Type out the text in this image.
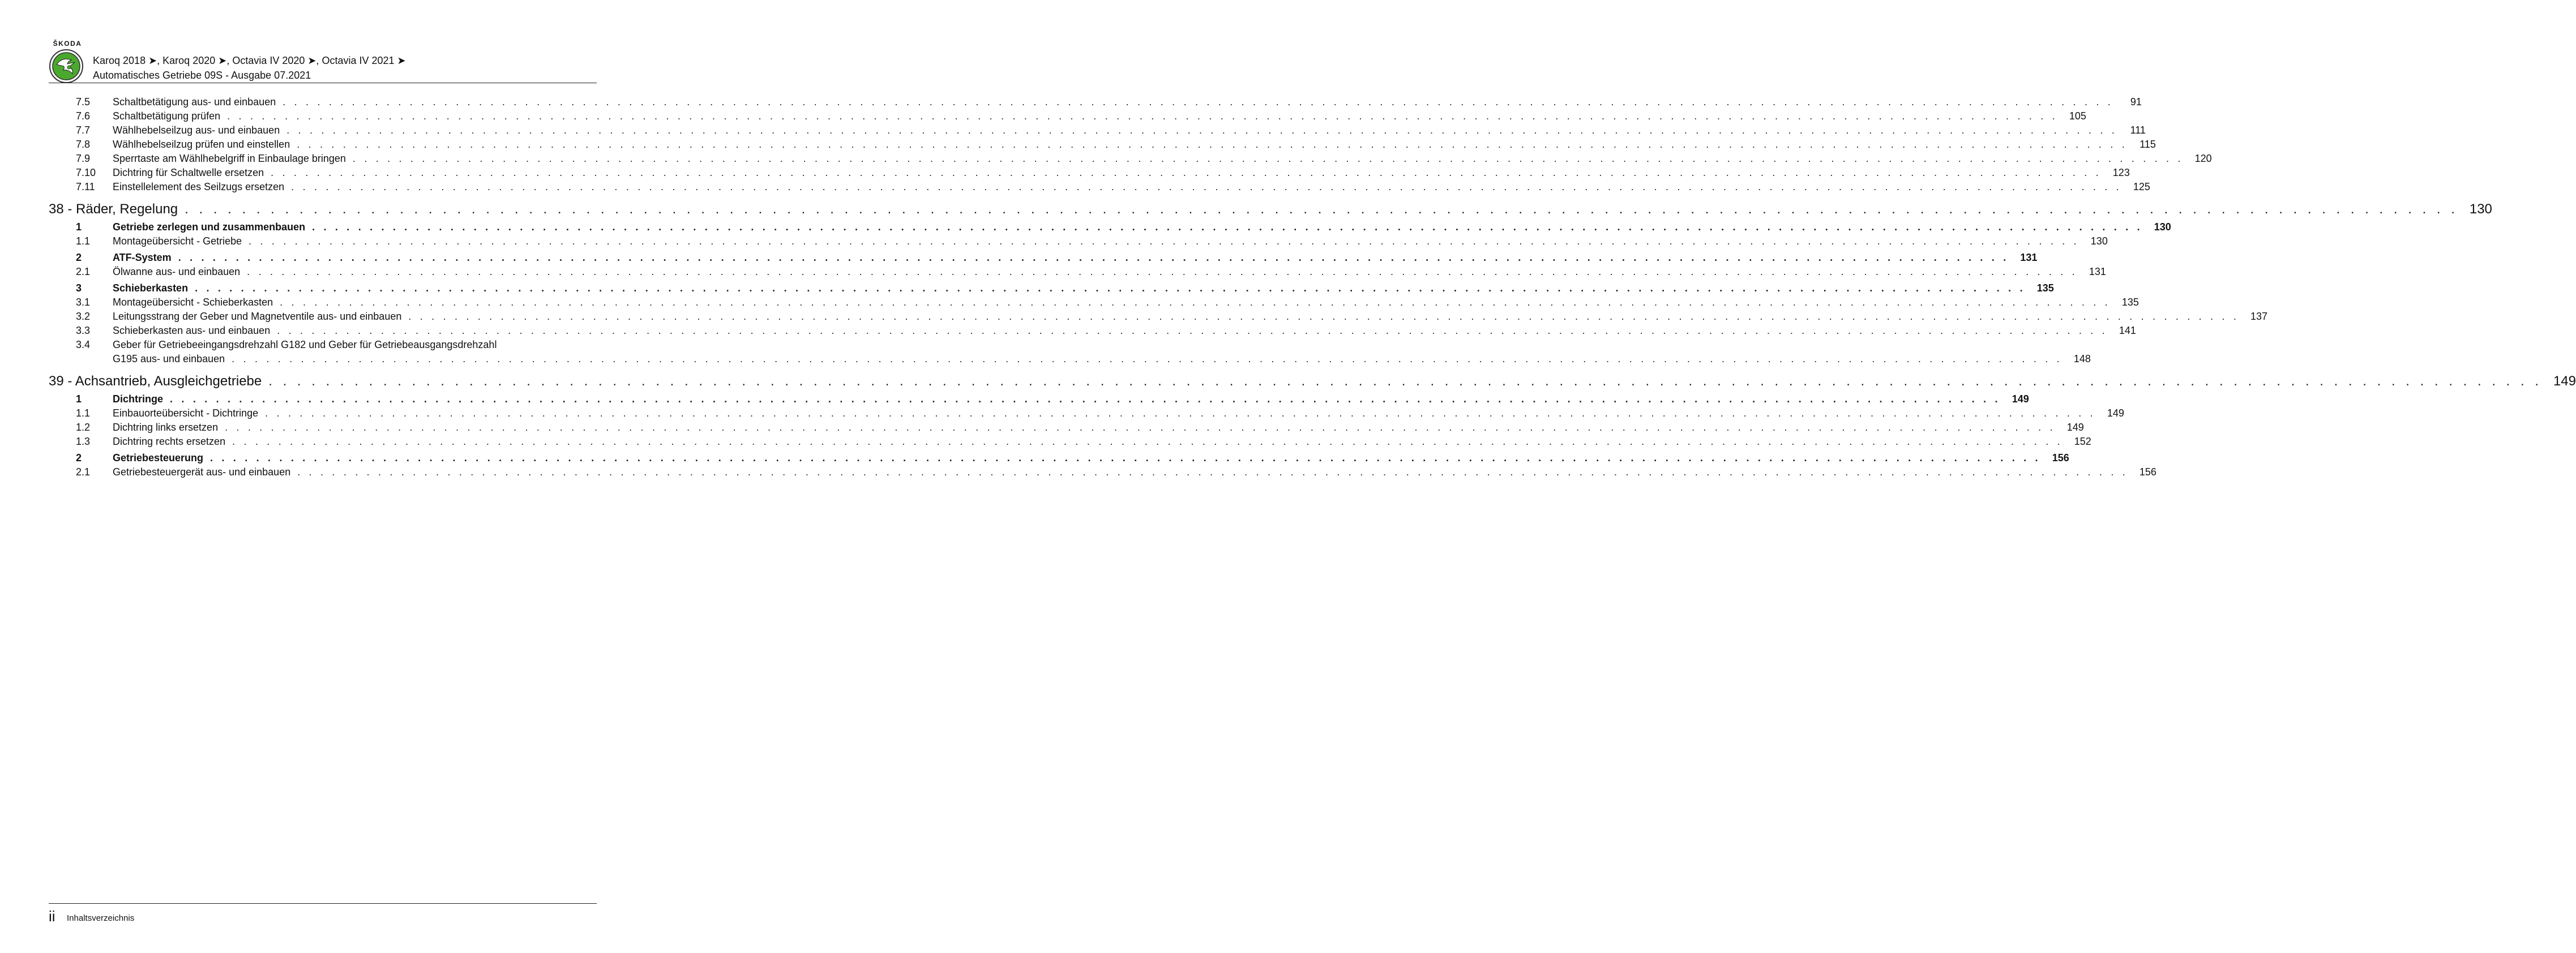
ŠKODA
Karoq 2018 ➤, Karoq 2020 ➤, Octavia IV 2020 ➤, Octavia IV 2021 ➤
Automatisches Getriebe 09S - Ausgabe 07.2021
7.5	Schaltbetätigung aus- und einbauen . . .	91
7.6	Schaltbetätigung prüfen . . .	105
7.7	Wählhebelseilzug aus- und einbauen . . .	111
7.8	Wählhebelseilzug prüfen und einstellen . . .	115
7.9	Sperrtaste am Wählhebelgriff in Einbaulage bringen . . .	120
7.10	Dichtring für Schaltwelle ersetzen . . .	123
7.11	Einstellelement des Seilzugs ersetzen . . .	125
38 - Räder, Regelung . . .	130
1	Getriebe zerlegen und zusammenbauen . . .	130
1.1	Montageübersicht - Getriebe . . .	130
2	ATF-System . . .	131
2.1	Ölwanne aus- und einbauen . . .	131
3	Schieberkasten . . .	135
3.1	Montageübersicht - Schieberkasten . . .	135
3.2	Leitungsstrang der Geber und Magnetventile aus- und einbauen . . .	137
3.3	Schieberkasten aus- und einbauen . . .	141
3.4	Geber für Getriebeeingangsdrehzahl G182 und Geber für Getriebeausgangsdrehzahl
G195 aus- und einbauen . . .	148
39 - Achsantrieb, Ausgleichgetriebe . . .	149
1	Dichtringe . . .	149
1.1	Einbauorteübersicht - Dichtringe . . .	149
1.2	Dichtring links ersetzen . . .	149
1.3	Dichtring rechts ersetzen . . .	152
2	Getriebesteuerung . . .	156
2.1	Getriebesteuergerät aus- und einbauen . . .	156
ii Inhaltsverzeichnis
